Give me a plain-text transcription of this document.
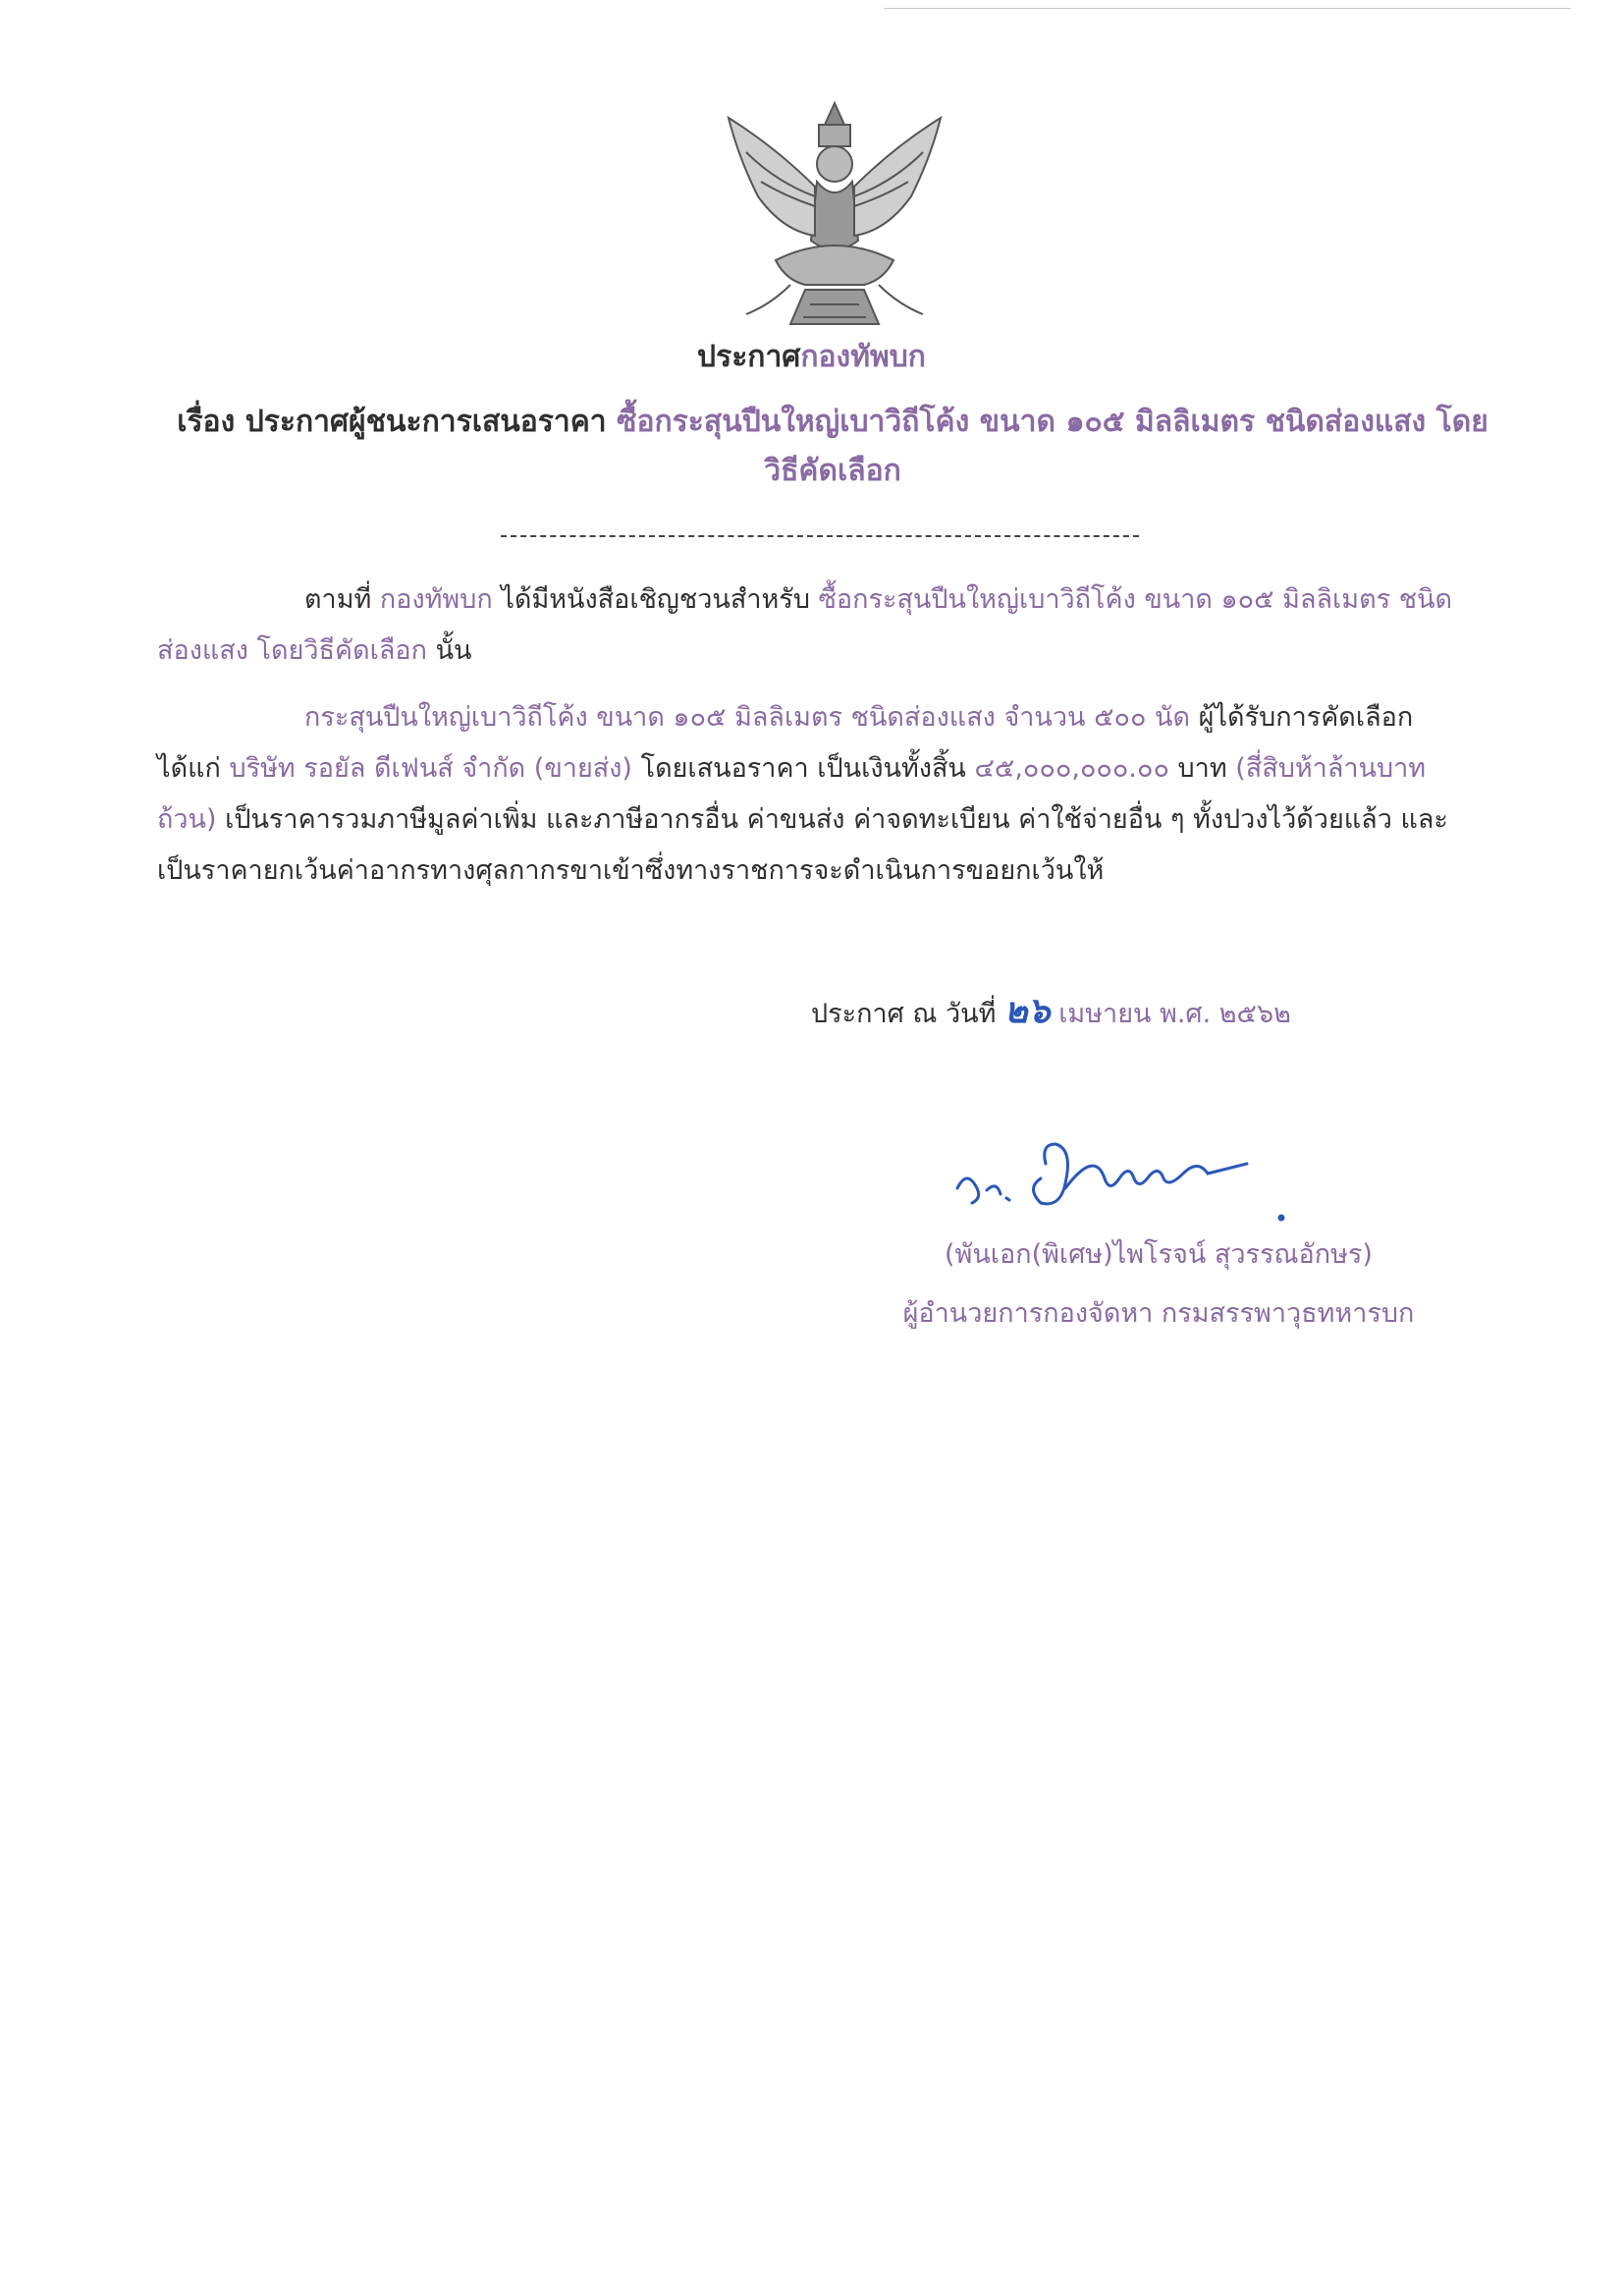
ประกาศกองทัพบก
เรื่อง ประกาศผู้ชนะการเสนอราคา ซื้อกระสุนปืนใหญ่เบาวิถีโค้ง ขนาด ๑๐๕ มิลลิเมตร ชนิดส่องแสง โดยวิธีคัดเลือก
ตามที่ กองทัพบก ได้มีหนังสือเชิญชวนสำหรับ ซื้อกระสุนปืนใหญ่เบาวิถีโค้ง ขนาด ๑๐๕ มิลลิเมตร ชนิดส่องแสง โดยวิธีคัดเลือก นั้น
กระสุนปืนใหญ่เบาวิถีโค้ง ขนาด ๑๐๕ มิลลิเมตร ชนิดส่องแสง จำนวน ๕๐๐ นัด ผู้ได้รับการคัดเลือก ได้แก่ บริษัท รอยัล ดีเฟนส์ จำกัด (ขายส่ง) โดยเสนอราคา เป็นเงินทั้งสิ้น ๔๕,๐๐๐,๐๐๐.๐๐ บาท (สี่สิบห้าล้านบาทถ้วน) เป็นราคารวมภาษีมูลค่าเพิ่ม และภาษีอากรอื่น ค่าขนส่ง ค่าจดทะเบียน ค่าใช้จ่ายอื่น ๆ ทั้งปวงไว้ด้วยแล้ว และเป็นราคายกเว้นค่าอากรทางศุลกากรขาเข้าซึ่งทางราชการจะดำเนินการขอยกเว้นให้
ประกาศ ณ วันที่ ๒๖ เมษายน พ.ศ. ๒๕๖๒
(พันเอก(พิเศษ)ไพโรจน์ สุวรรณอักษร)
ผู้อำนวยการกองจัดหา กรมสรรพาวุธทหารบก
